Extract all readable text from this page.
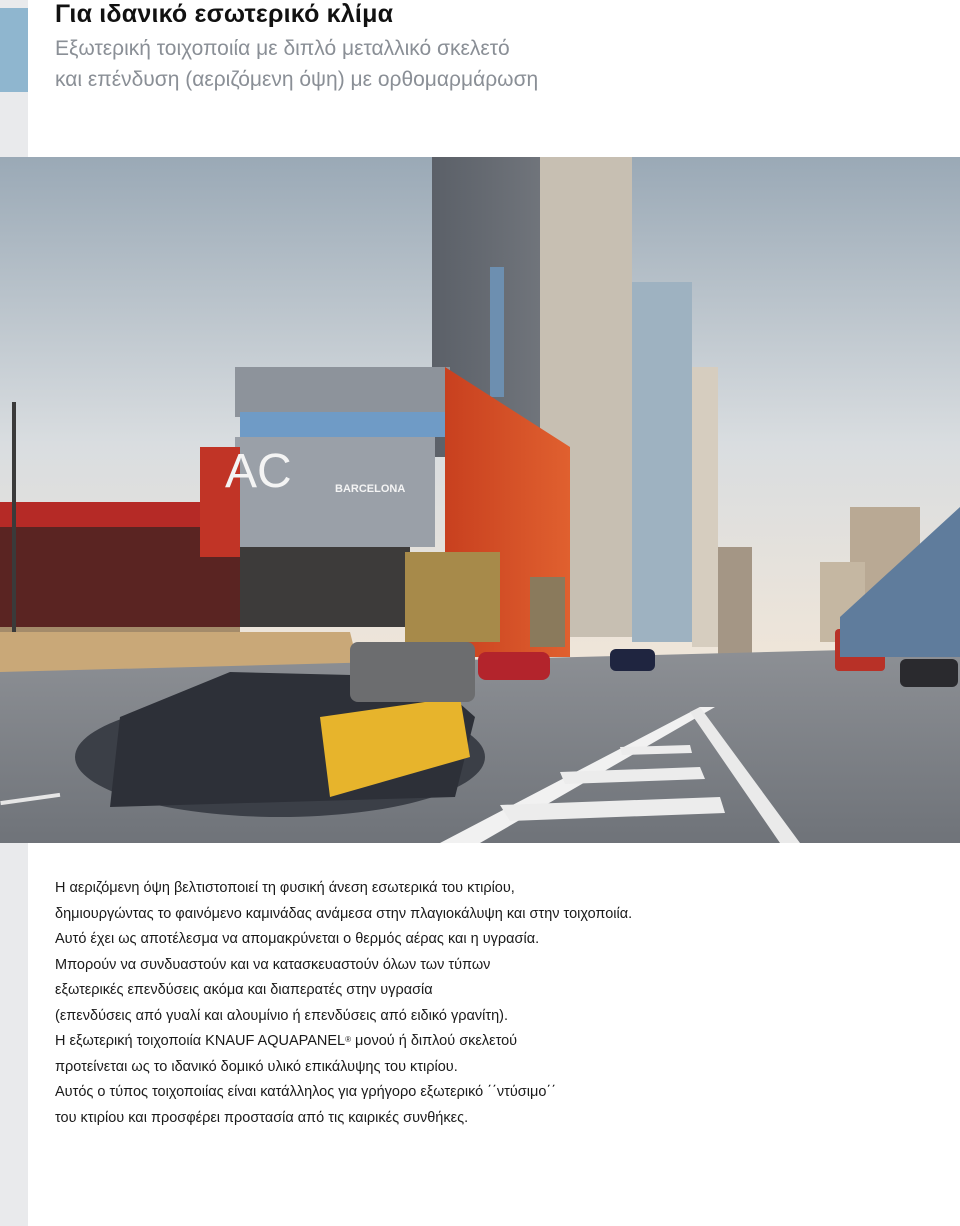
Για ιδανικό εσωτερικό κλίμα
Εξωτερική τοιχοποιία με διπλό μεταλλικό σκελετό
και επένδυση (αεριζόμενη όψη) με ορθομαρμάρωση
AC	BARCELONA

Η αεριζόμενη όψη βελτιστοποιεί τη φυσική άνεση εσωτερικά του κτιρίου,

δημιουργώντας το φαινόμενο καμινάδας ανάμεσα στην πλαγιοκάλυψη και στην τοιχοποιία.

Αυτό έχει ως αποτέλεσμα να απομακρύνεται ο θερμός αέρας και η υγρασία.

Μπορούν να συνδυαστούν και να κατασκευαστούν όλων των τύπων

εξωτερικές επενδύσεις ακόμα και διαπερατές στην υγρασία

(επενδύσεις από γυαλί και αλουμίνιο ή επενδύσεις από ειδικό γρανίτη).

Η εξωτερική τοιχοποιία KNAUF AQUAPANEL® μονού ή διπλού σκελετού

προτείνεται ως το ιδανικό δομικό υλικό επικάλυψης του κτιρίου.

Αυτός ο τύπος τοιχοποιίας είναι κατάλληλος για γρήγορο εξωτερικό ΄΄ντύσιμο΄΄

του κτιρίου και προσφέρει προστασία από τις καιρικές συνθήκες.
